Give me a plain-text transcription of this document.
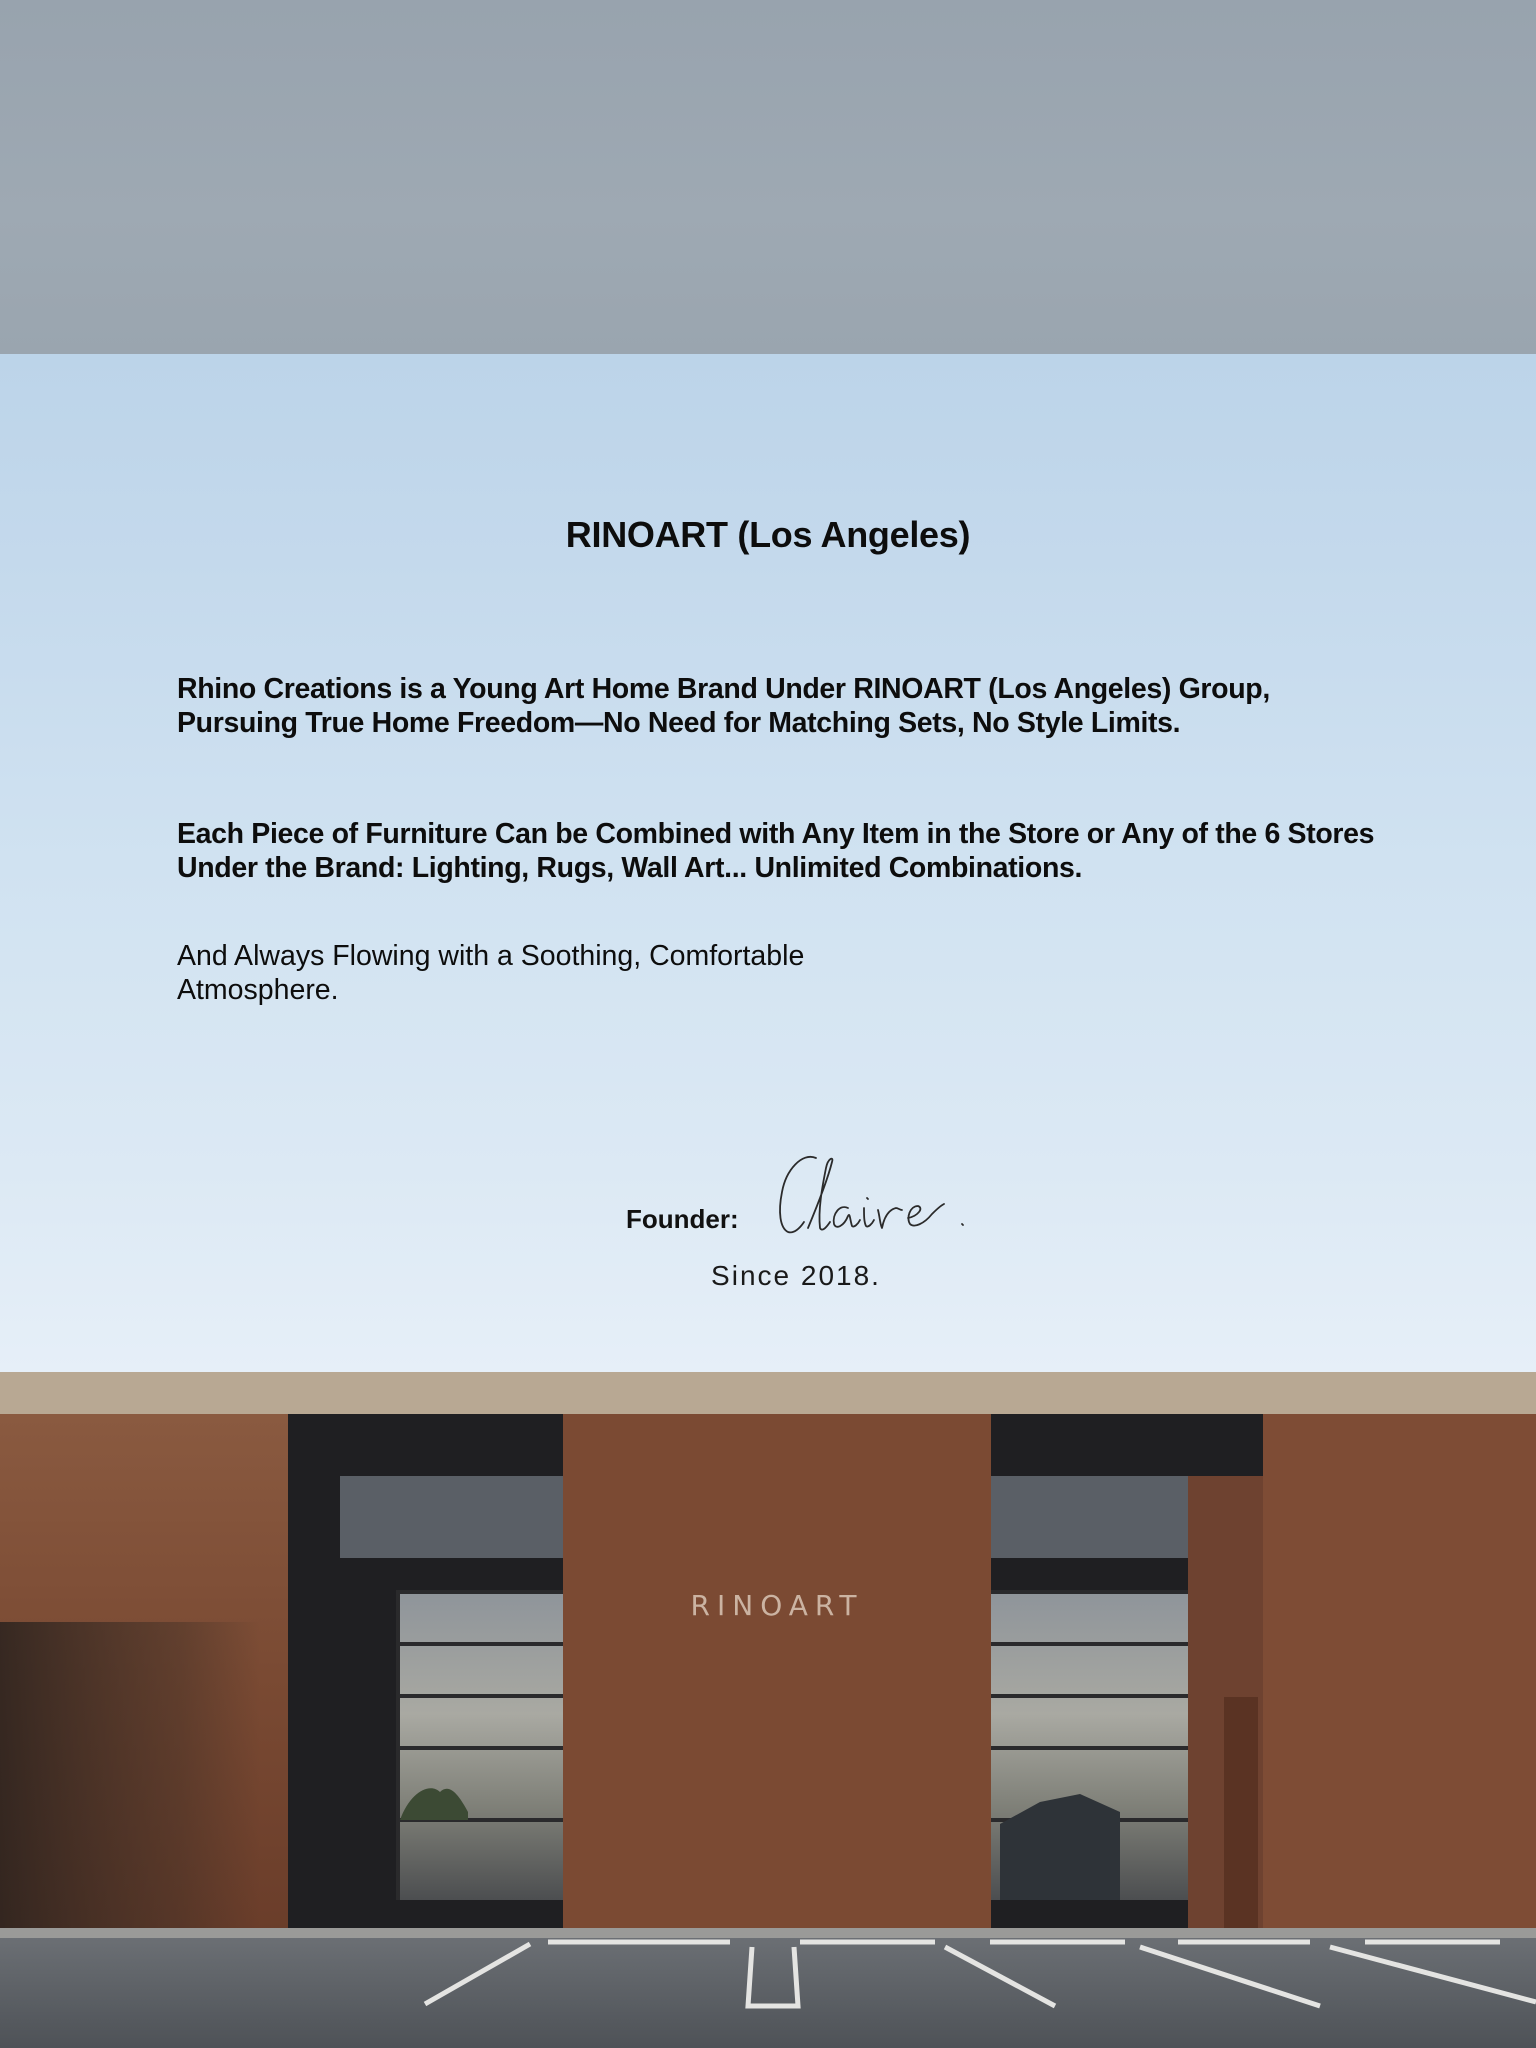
RINOART (Los Angeles)

Rhino Creations is a Young Art Home Brand Under RINOART (Los Angeles) Group, Pursuing True Home Freedom—No Need for Matching Sets, No Style Limits.

Each Piece of Furniture Can be Combined with Any Item in the Store or Any of the 6 Stores Under the Brand: Lighting, Rugs, Wall Art... Unlimited Combinations.

And Always Flowing with a Soothing, Comfortable Atmosphere.

Founder:
Claire.
Since 2018.
RINOART
